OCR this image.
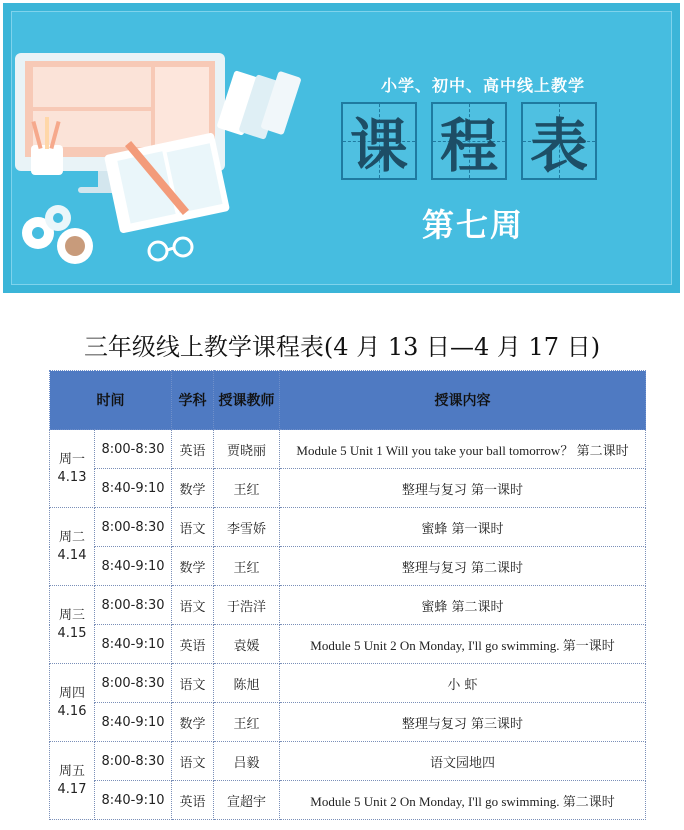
小学、初中、高中线上教学
课 程 表
第七周
三年级线上教学课程表(4 月 13 日—4 月 17 日)
时间		学科	授课教师	授课内容
周一
4.13	8:00-8:30	英语	贾晓丽	Module 5 Unit 1 Will you take your ball tomorrow？ 第二课时
	8:40-9:10	数学	王红	整理与复习 第一课时
周二
4.14	8:00-8:30	语文	李雪娇	蜜蜂 第一课时
	8:40-9:10	数学	王红	整理与复习 第二课时
周三
4.15	8:00-8:30	语文	于浩洋	蜜蜂 第二课时
	8:40-9:10	英语	袁媛	Module 5 Unit 2 On Monday, I'll go swimming. 第一课时
周四
4.16	8:00-8:30	语文	陈旭	小 虾
	8:40-9:10	数学	王红	整理与复习 第三课时
周五
4.17	8:00-8:30	语文	吕毅	语文园地四
	8:40-9:10	英语	宣超宇	Module 5 Unit 2 On Monday, I'll go swimming. 第二课时
